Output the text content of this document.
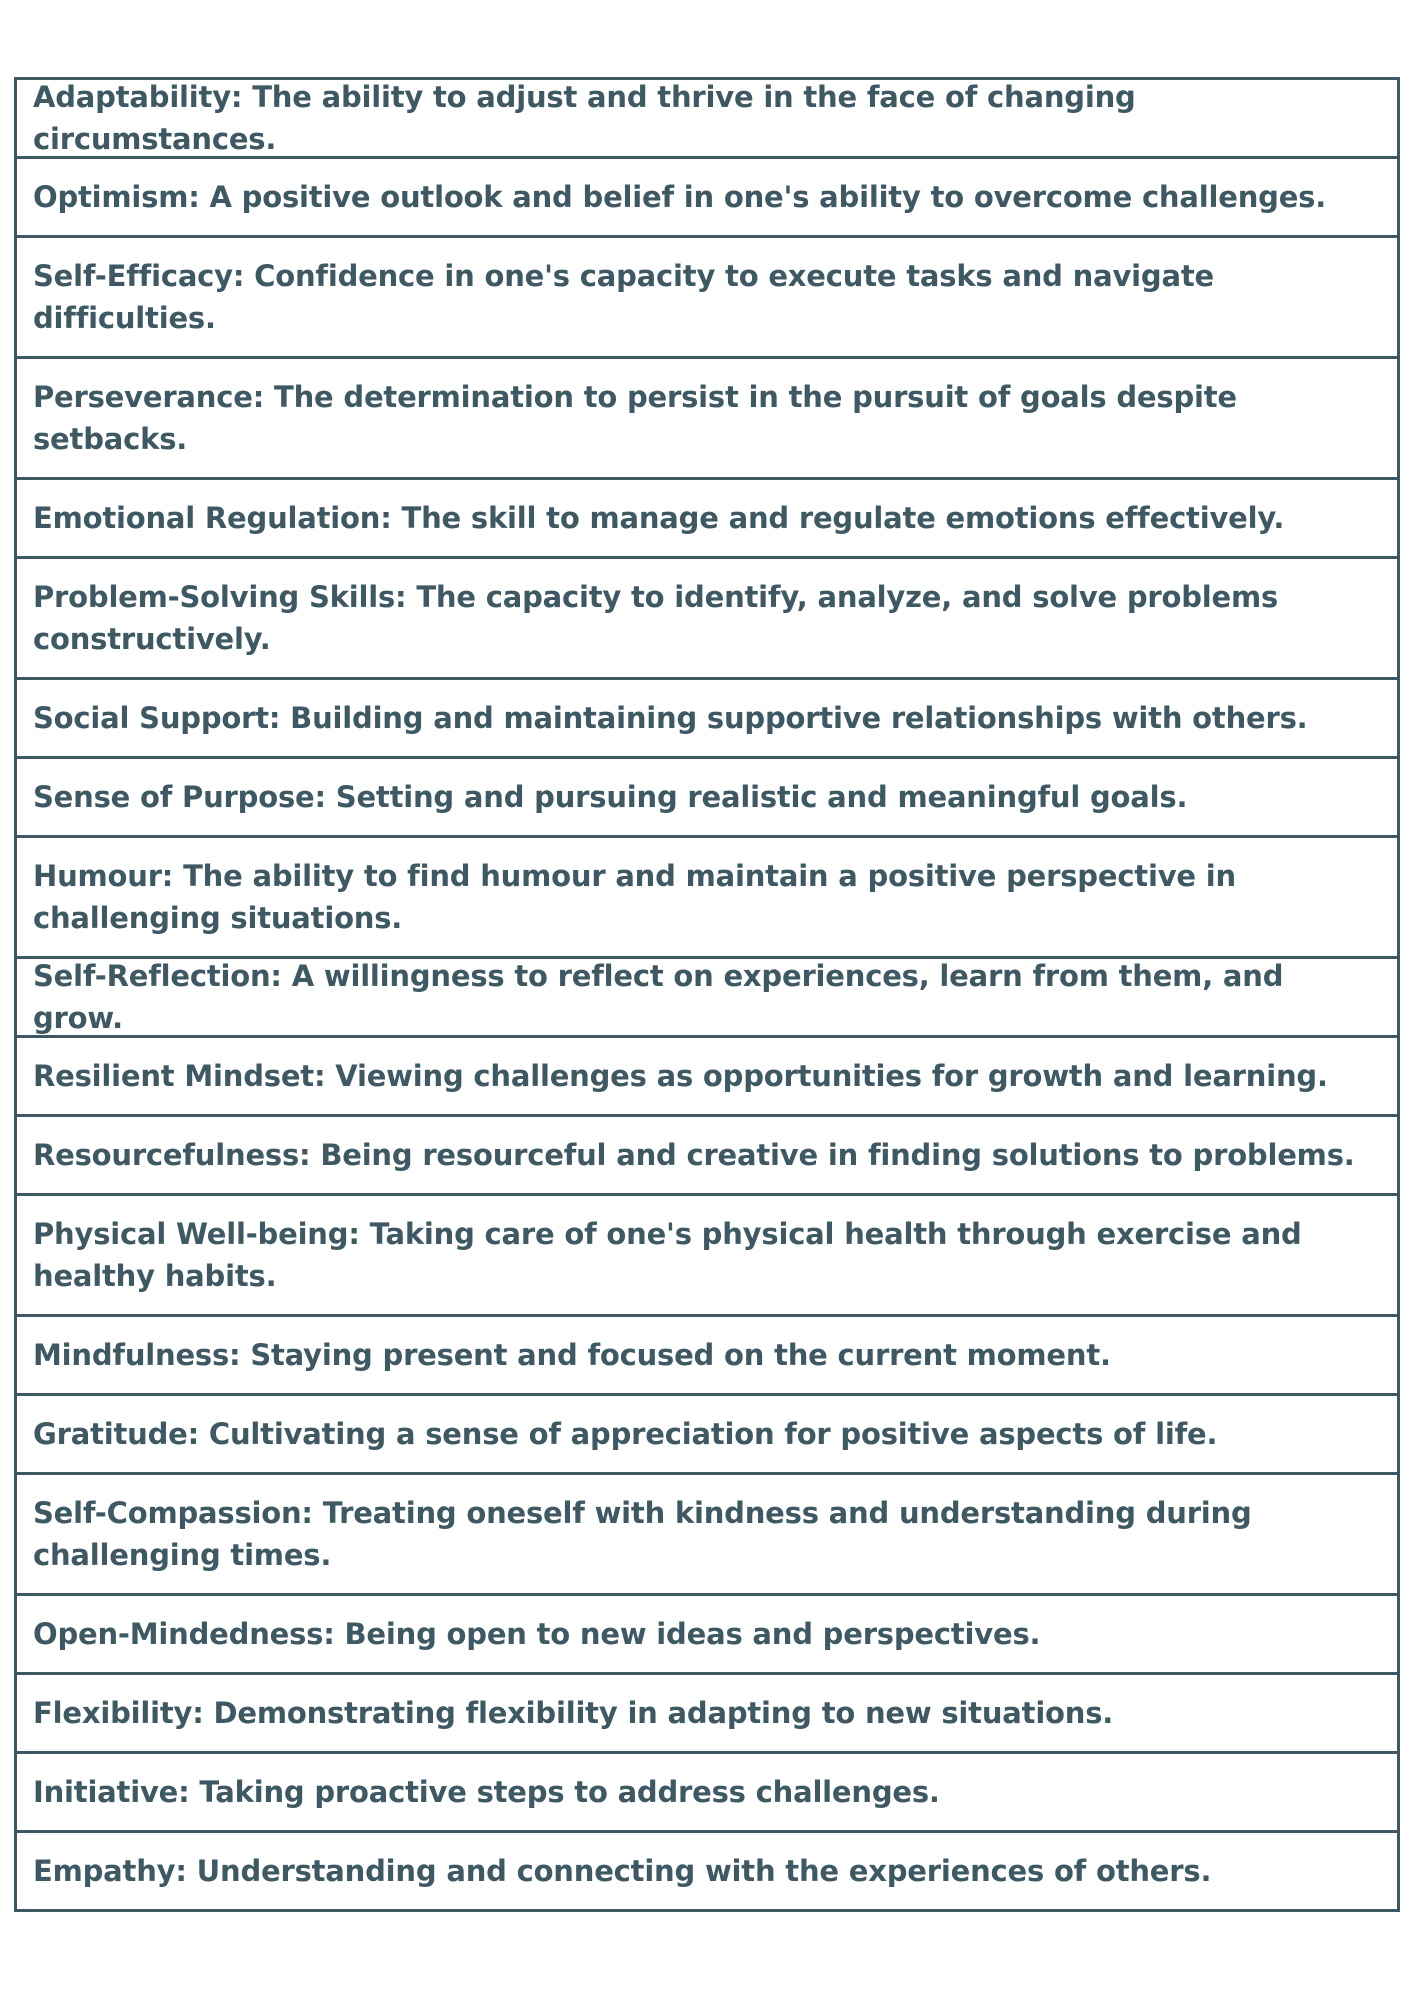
Adaptability: The ability to adjust and thrive in the face of changing circumstances.
Optimism: A positive outlook and belief in one's ability to overcome challenges.
Self-Efficacy: Confidence in one's capacity to execute tasks and navigate difficulties.
Perseverance: The determination to persist in the pursuit of goals despite setbacks.
Emotional Regulation: The skill to manage and regulate emotions effectively.
Problem-Solving Skills: The capacity to identify, analyze, and solve problems constructively.
Social Support: Building and maintaining supportive relationships with others.
Sense of Purpose: Setting and pursuing realistic and meaningful goals.
Humour: The ability to find humour and maintain a positive perspective in challenging situations.
Self-Reflection: A willingness to reflect on experiences, learn from them, and grow.
Resilient Mindset: Viewing challenges as opportunities for growth and learning.
Resourcefulness: Being resourceful and creative in finding solutions to problems.
Physical Well-being: Taking care of one's physical health through exercise and healthy habits.
Mindfulness: Staying present and focused on the current moment.
Gratitude: Cultivating a sense of appreciation for positive aspects of life.
Self-Compassion: Treating oneself with kindness and understanding during challenging times.
Open-Mindedness: Being open to new ideas and perspectives.
Flexibility: Demonstrating flexibility in adapting to new situations.
Initiative: Taking proactive steps to address challenges.
Empathy: Understanding and connecting with the experiences of others.
